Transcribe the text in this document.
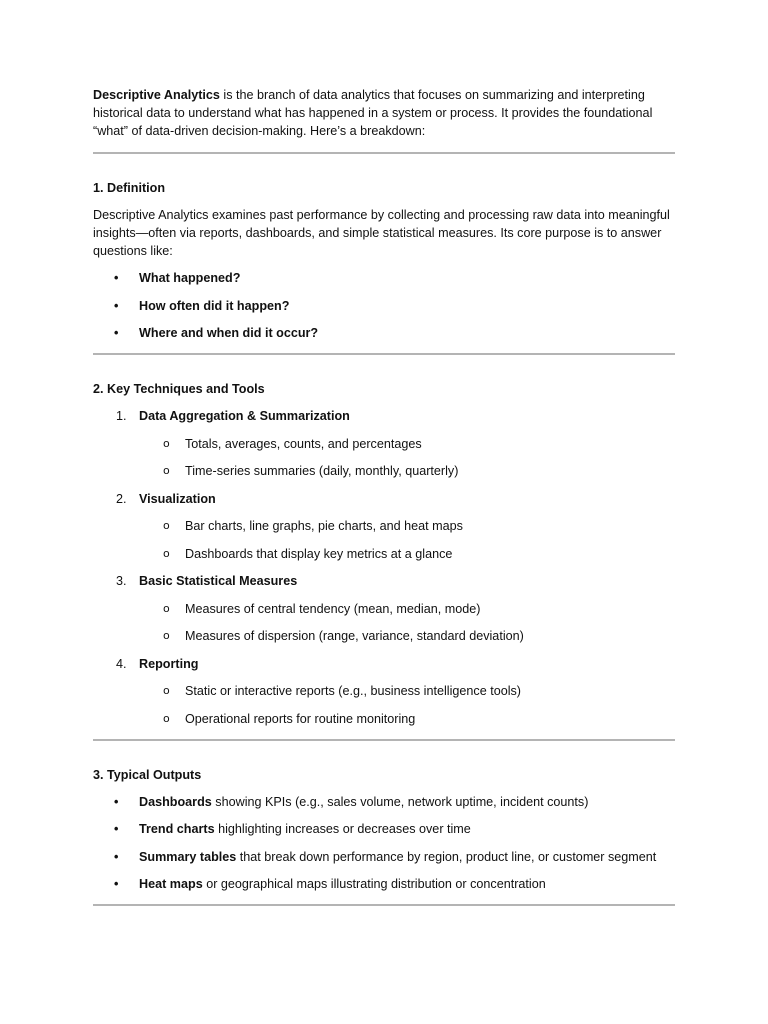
Descriptive Analytics is the branch of data analytics that focuses on summarizing and interpreting historical data to understand what has happened in a system or process. It provides the foundational “what” of data-driven decision-making. Here’s a breakdown:

1. Definition

Descriptive Analytics examines past performance by collecting and processing raw data into meaningful insights—often via reports, dashboards, and simple statistical measures. Its core purpose is to answer questions like:

• What happened?
• How often did it happen?
• Where and when did it occur?

2. Key Techniques and Tools

1. Data Aggregation & Summarization
o Totals, averages, counts, and percentages
o Time-series summaries (daily, monthly, quarterly)
2. Visualization
o Bar charts, line graphs, pie charts, and heat maps
o Dashboards that display key metrics at a glance
3. Basic Statistical Measures
o Measures of central tendency (mean, median, mode)
o Measures of dispersion (range, variance, standard deviation)
4. Reporting
o Static or interactive reports (e.g., business intelligence tools)
o Operational reports for routine monitoring

3. Typical Outputs

• Dashboards showing KPIs (e.g., sales volume, network uptime, incident counts)
• Trend charts highlighting increases or decreases over time
• Summary tables that break down performance by region, product line, or customer segment
• Heat maps or geographical maps illustrating distribution or concentration
